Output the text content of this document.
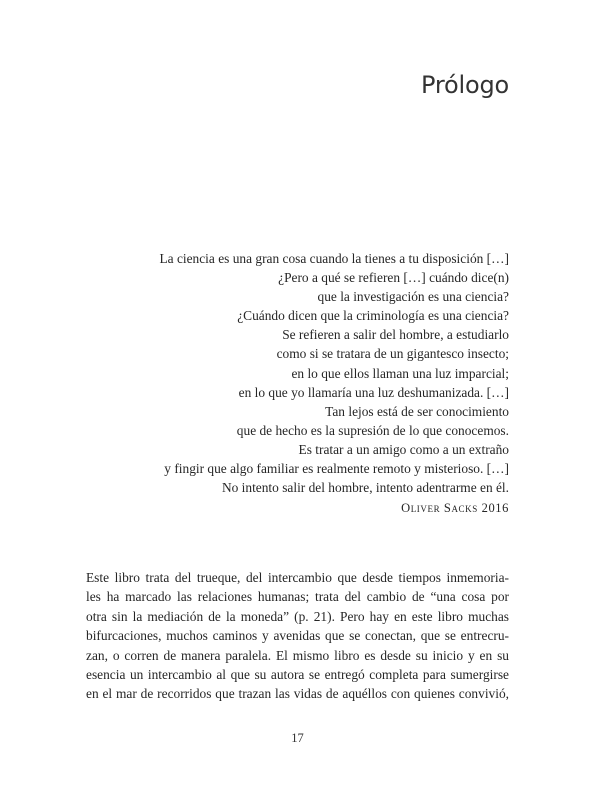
Prólogo
La ciencia es una gran cosa cuando la tienes a tu disposición […]
¿Pero a qué se refieren […] cuándo dice(n)
que la investigación es una ciencia?
¿Cuándo dicen que la criminología es una ciencia?
Se refieren a salir del hombre, a estudiarlo
como si se tratara de un gigantesco insecto;
en lo que ellos llaman una luz imparcial;
en lo que yo llamaría una luz deshumanizada. […]
Tan lejos está de ser conocimiento
que de hecho es la supresión de lo que conocemos.
Es tratar a un amigo como a un extraño
y fingir que algo familiar es realmente remoto y misterioso. […]
No intento salir del hombre, intento adentrarme en él.
Oliver Sacks 2016
Este libro trata del trueque, del intercambio que desde tiempos inmemoria-
les ha marcado las relaciones humanas; trata del cambio de “una cosa por
otra sin la mediación de la moneda” (p. 21). Pero hay en este libro muchas
bifurcaciones, muchos caminos y avenidas que se conectan, que se entrecru-
zan, o corren de manera paralela. El mismo libro es desde su inicio y en su
esencia un intercambio al que su autora se entregó completa para sumergirse
en el mar de recorridos que trazan las vidas de aquéllos con quienes convivió,
17
